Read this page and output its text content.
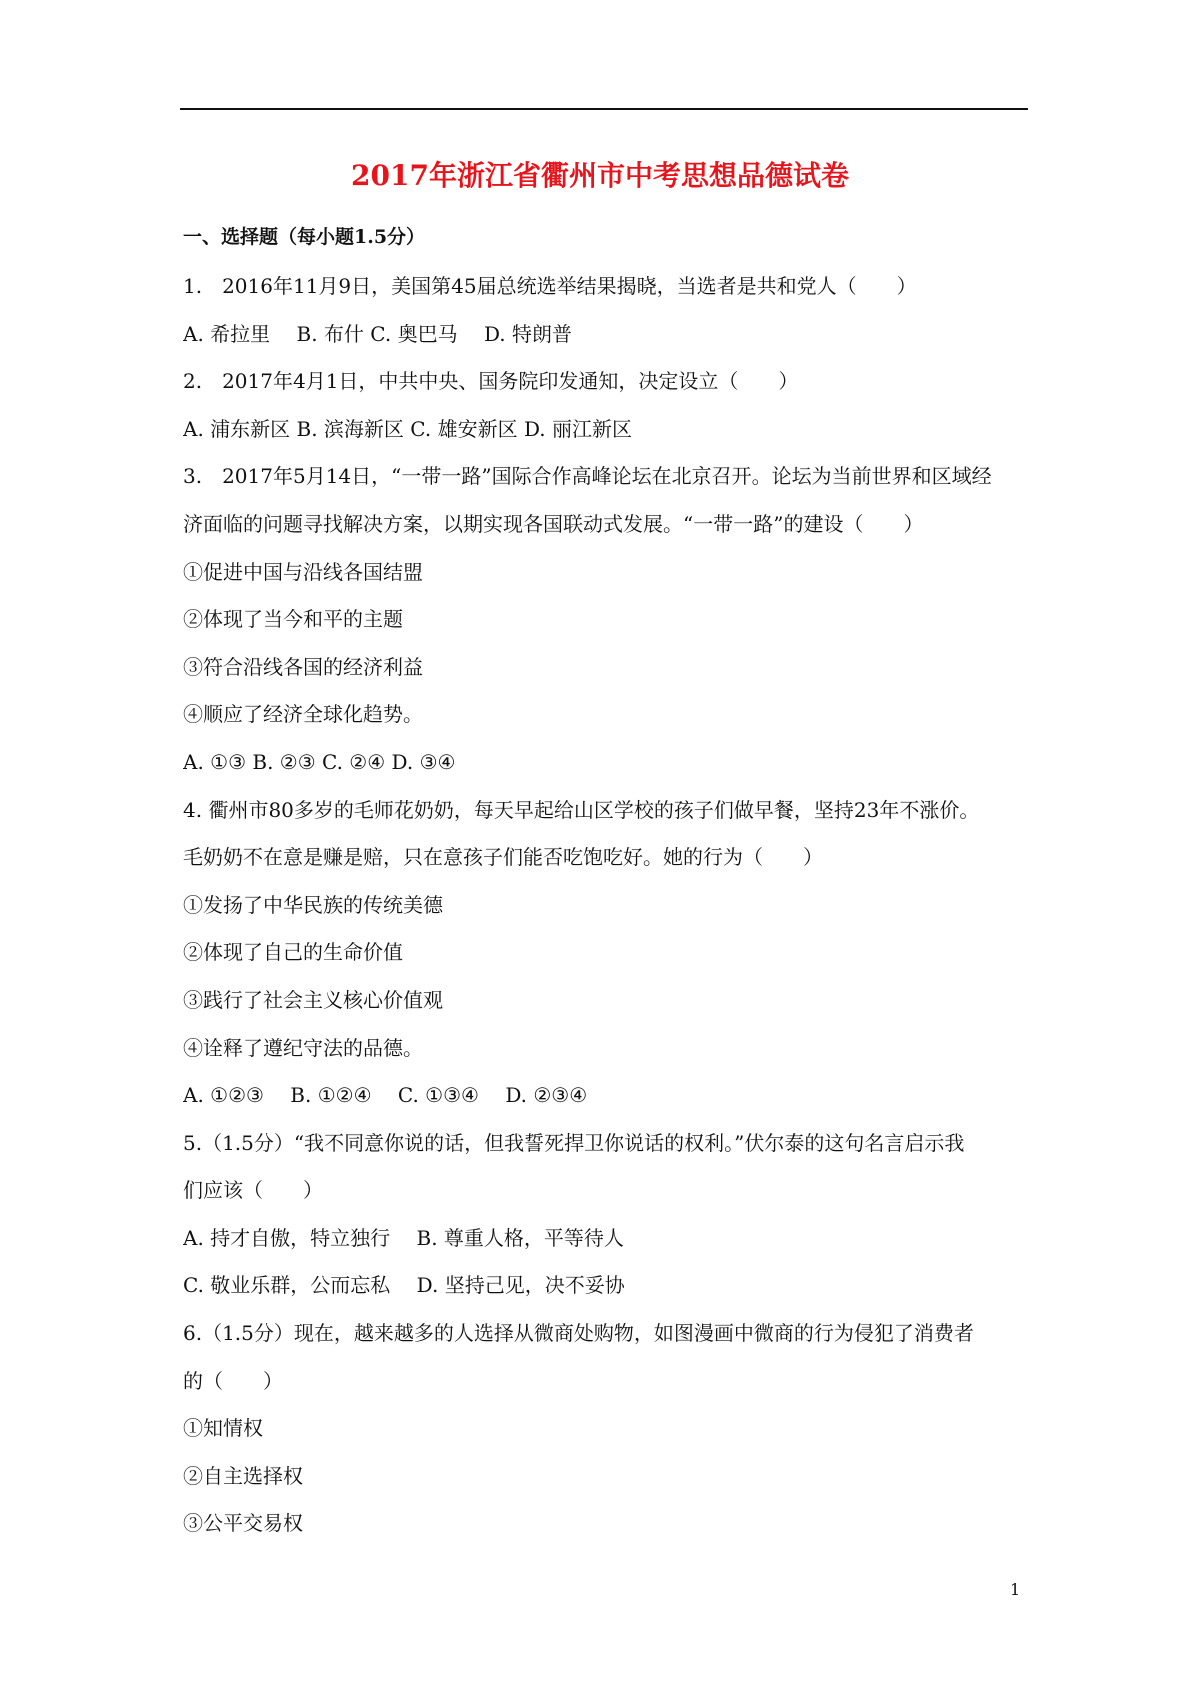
2017年浙江省衢州市中考思想品德试卷
一、选择题（每小题1.5分）
1.　2016年11月9日，美国第45届总统选举结果揭晓，当选者是共和党人（　　）
A. 希拉里　 B. 布什 C. 奥巴马　 D. 特朗普
2.　2017年4月1日，中共中央、国务院印发通知，决定设立（　　）
A. 浦东新区 B. 滨海新区 C. 雄安新区 D. 丽江新区
3.　2017年5月14日，“一带一路”国际合作高峰论坛在北京召开。论坛为当前世界和区域经
济面临的问题寻找解决方案，以期实现各国联动式发展。“一带一路”的建设（　　）
①促进中国与沿线各国结盟
②体现了当今和平的主题
③符合沿线各国的经济利益
④顺应了经济全球化趋势。
A. ①③ B. ②③ C. ②④ D. ③④
4. 衢州市80多岁的毛师花奶奶，每天早起给山区学校的孩子们做早餐，坚持23年不涨价。
毛奶奶不在意是赚是赔，只在意孩子们能否吃饱吃好。她的行为（　　）
①发扬了中华民族的传统美德
②体现了自己的生命价值
③践行了社会主义核心价值观
④诠释了遵纪守法的品德。
A. ①②③　 B. ①②④　 C. ①③④　 D. ②③④
5.（1.5分）“我不同意你说的话，但我誓死捍卫你说话的权利。”伏尔泰的这句名言启示我
们应该（　　）
A. 持才自傲，特立独行　 B. 尊重人格，平等待人
C. 敬业乐群，公而忘私　 D. 坚持己见，决不妥协
6.（1.5分）现在，越来越多的人选择从微商处购物，如图漫画中微商的行为侵犯了消费者
的（　　）
①知情权
②自主选择权
③公平交易权
1
